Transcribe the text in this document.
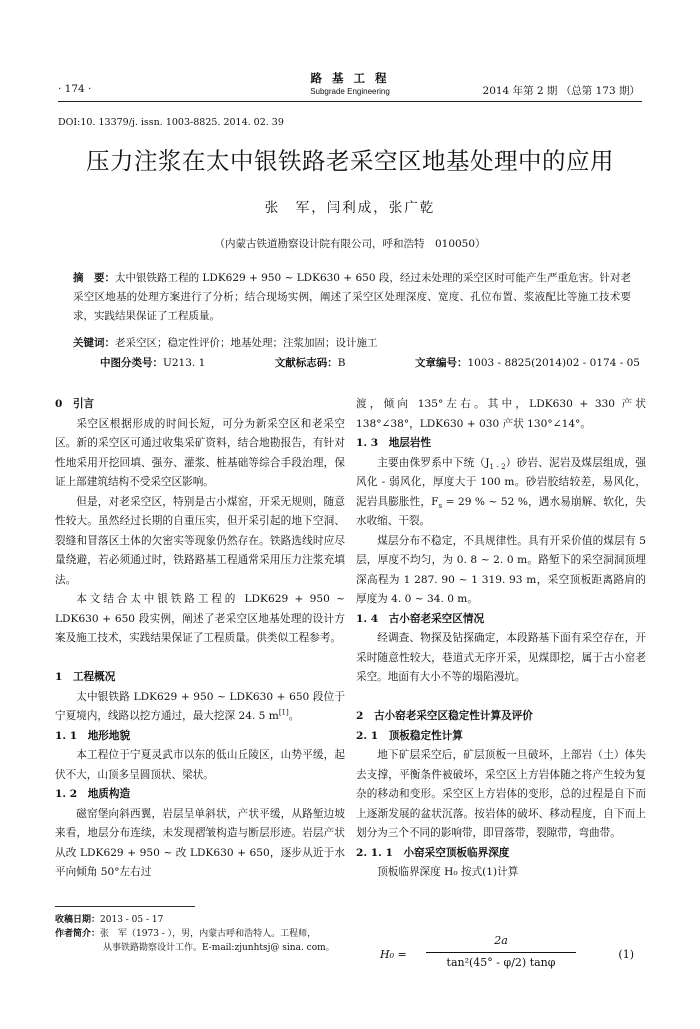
· 174 ·
路 基 工 程
Subgrade Engineering	2014 年第 2 期 （总第 173 期）
DOI:10. 13379/j. issn. 1003-8825. 2014. 02. 39
压力注浆在太中银铁路老采空区地基处理中的应用
张　军，闫利成，张广乾
（内蒙古铁道勘察设计院有限公司，呼和浩特　010050）
摘　要：太中银铁路工程的 LDK629 + 950 ~ LDK630 + 650 段，经过未处理的采空区时可能产生严重危害。针对老采空区地基的处理方案进行了分析；结合现场实例，阐述了采空区处理深度、宽度、孔位布置、浆液配比等施工技术要求，实践结果保证了工程质量。
关键词：老采空区；稳定性评价；地基处理；注浆加固；设计施工
中图分类号：U213. 1	文献标志码：B	文章编号：1003 - 8825(2014)02 - 0174 - 05

0　引言

采空区根据形成的时间长短，可分为新采空区和老采空区。新的采空区可通过收集采矿资料，结合地勘报告，有针对性地采用开挖回填、强夯、灌浆、桩基础等综合手段治理，保证上部建筑结构不受采空区影响。

但是，对老采空区，特别是古小煤窑，开采无规则，随意性较大。虽然经过长期的自重压实，但开采引起的地下空洞、裂缝和冒落区土体的欠密实等现象仍然存在。铁路选线时应尽量绕避，若必须通过时，铁路路基工程通常采用压力注浆充填法。

本文结合太中银铁路工程的 LDK629 + 950 ~ LDK630 + 650 段实例，阐述了老采空区地基处理的设计方案及施工技术，实践结果保证了工程质量。供类似工程参考。

1　工程概况

太中银铁路 LDK629 + 950 ~ LDK630 + 650 段位于宁夏境内，线路以挖方通过，最大挖深 24. 5 m[1]。

1. 1　地形地貌

本工程位于宁夏灵武市以东的低山丘陵区，山势平缓，起伏不大，山顶多呈圆顶状、梁状。

1. 2　地质构造

磁窑堡向斜西翼，岩层呈单斜状，产状平缓，从路堑边坡来看，地层分布连续，未发现褶皱构造与断层形迹。岩层产状从改 LDK629 + 950 ~ 改 LDK630 + 650，逐步从近于水平向倾角 50°左右过

渡，倾向 135°左右。其中，LDK630 + 330 产状 138°∠38°，LDK630 + 030 产状 130°∠14°。

1. 3　地层岩性

主要由侏罗系中下统$(J_{1 - 2})$砂岩、泥岩及煤层组成，强风化 - 弱风化，厚度大于 100 m。砂岩胶结较差，易风化，泥岩具膨胀性，$F_s = 29$ % ~ 52 %，遇水易崩解、软化，失水收缩、干裂。

煤层分布不稳定，不具规律性。具有开采价值的煤层有 5 层，厚度不均匀，为 0. 8 ~ 2. 0 m。路堑下的采空洞洞顶埋深高程为 1 287. 90 ~ 1 319. 93 m，采空顶板距离路肩的厚度为 4. 0 ~ 34. 0 m。

1. 4　古小窑老采空区情况

经调查、物探及钻探确定，本段路基下面有采空存在，开采时随意性较大，巷道式无序开采，见煤即挖，属于古小窑老采空。地面有大小不等的塌陷漫坑。

2　古小窑老采空区稳定性计算及评价

2. 1　顶板稳定性计算

地下矿层采空后，矿层顶板一旦破坏，上部岩（土）体失去支撑，平衡条件被破坏，采空区上方岩体随之将产生较为复杂的移动和变形。采空区上方岩体的变形，总的过程是自下而上逐渐发展的盆状沉落。按岩体的破坏、移动程度，自下而上划分为三个不同的影响带，即冒落带，裂隙带，弯曲带。

2. 1. 1　小窑采空顶板临界深度

顶板临界深度 H₀ 按式(1)计算

H₀ =
2a
tan²(45° - φ/2) tanφ
(1)
收稿日期：2013 - 05 - 17
作者简介：张　军（1973 - ），男，内蒙古呼和浩特人。工程师，
从事铁路勘察设计工作。E-mail:zjunhtsj@ sina. com。
